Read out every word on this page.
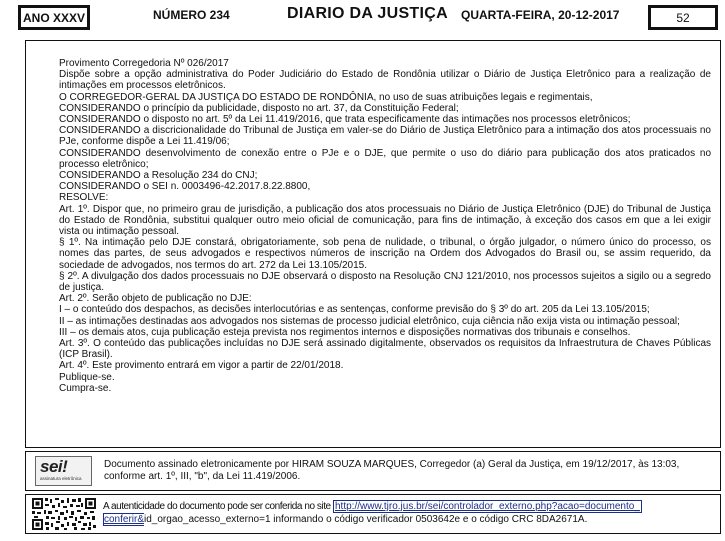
ANO XXXV	NÚMERO 234	DIARIO DA JUSTIÇA QUARTA-FEIRA, 20-12-2017	52

Provimento Corregedoria Nº 026/2017

Dispõe sobre a opção administrativa do Poder Judiciário do Estado de Rondônia utilizar o Diário de Justiça Eletrônico para a realização de intimações em processos eletrônicos.

O CORREGEDOR-GERAL DA JUSTIÇA DO ESTADO DE RONDÔNIA, no uso de suas atribuições legais e regimentais,

CONSIDERANDO o princípio da publicidade, disposto no art. 37, da Constituição Federal;

CONSIDERANDO o disposto no art. 5º da Lei 11.419/2016, que trata especificamente das intimações nos processos eletrônicos;

CONSIDERANDO a discricionalidade do Tribunal de Justiça em valer-se do Diário de Justiça Eletrônico para a intimação dos atos processuais no PJe, conforme dispõe a Lei 11.419/06;

CONSIDERANDO desenvolvimento de conexão entre o PJe e o DJE, que permite o uso do diário para publicação dos atos praticados no processo eletrônico;

CONSIDERANDO a Resolução 234 do CNJ;

CONSIDERANDO o SEI n. 0003496-42.2017.8.22.8800,

RESOLVE:

Art. 1º. Dispor que, no primeiro grau de jurisdição, a publicação dos atos processuais no Diário de Justiça Eletrônico (DJE) do Tribunal de Justiça do Estado de Rondônia, substitui qualquer outro meio oficial de comunicação, para fins de intimação, à exceção dos casos em que a lei exigir vista ou intimação pessoal.

§ 1º. Na intimação pelo DJE constará, obrigatoriamente, sob pena de nulidade, o tribunal, o órgão julgador, o número único do processo, os nomes das partes, de seus advogados e respectivos números de inscrição na Ordem dos Advogados do Brasil ou, se assim requerido, da sociedade de advogados, nos termos do art. 272 da Lei 13.105/2015.

§ 2º. A divulgação dos dados processuais no DJE observará o disposto na Resolução CNJ 121/2010, nos processos sujeitos a sigilo ou a segredo de justiça.

Art. 2º. Serão objeto de publicação no DJE:

I – o conteúdo dos despachos, as decisões interlocutórias e as sentenças, conforme previsão do § 3º do art. 205 da Lei 13.105/2015;

II – as intimações destinadas aos advogados nos sistemas de processo judicial eletrônico, cuja ciência não exija vista ou intimação pessoal;

III – os demais atos, cuja publicação esteja prevista nos regimentos internos e disposições normativas dos tribunais e conselhos.

Art. 3º. O conteúdo das publicações incluídas no DJE será assinado digitalmente, observados os requisitos da Infraestrutura de Chaves Públicas (ICP Brasil).

Art. 4º. Este provimento entrará em vigor a partir de 22/01/2018.

Publique-se.

Cumpra-se.

sei!
assinatura eletrônica
Documento assinado eletronicamente por HIRAM SOUZA MARQUES, Corregedor (a) Geral da Justiça, em 19/12/2017, às 13:03, conforme art. 1º, III, "b", da Lei 11.419/2006.
A autenticidade do documento pode ser conferida no site http://www.tjro.jus.br/sei/controlador_externo.php?acao=documento_
conferir&id_orgao_acesso_externo=1 informando o código verificador 0503642e e o código CRC 8DA2671A.
